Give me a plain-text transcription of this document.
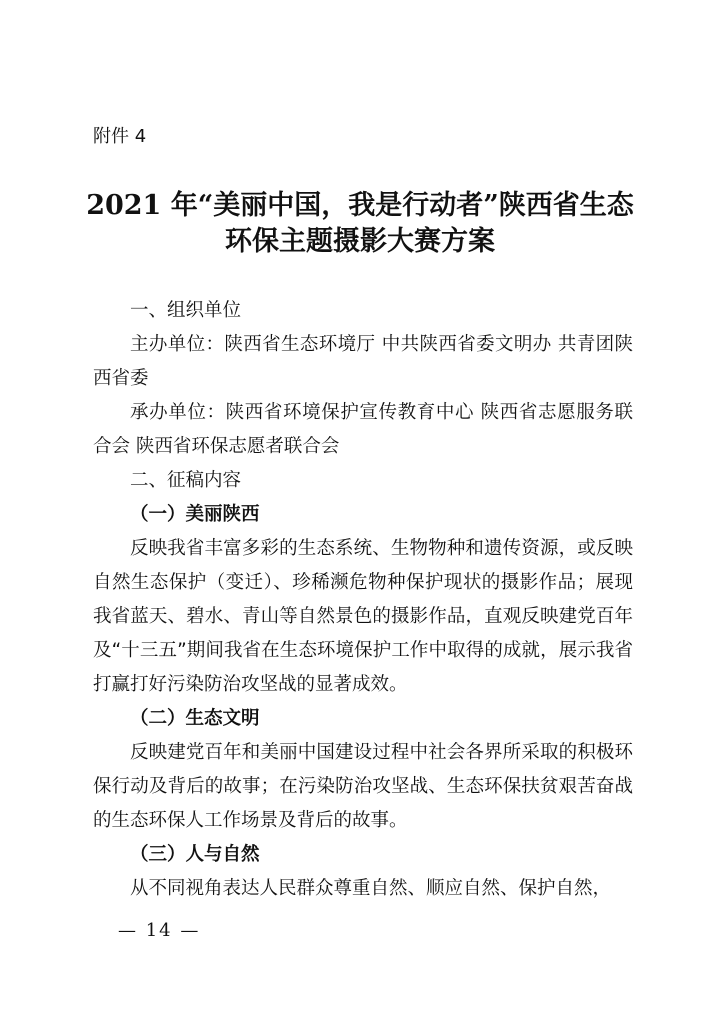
附件 4
2021 年“美丽中国，我是行动者”陕西省生态
环保主题摄影大赛方案

一、组织单位

主办单位：陕西省生态环境厅 中共陕西省委文明办 共青团陕西省委

承办单位：陕西省环境保护宣传教育中心 陕西省志愿服务联合会 陕西省环保志愿者联合会

二、征稿内容

（一）美丽陕西

反映我省丰富多彩的生态系统、生物物种和遗传资源，或反映自然生态保护（变迁）、珍稀濒危物种保护现状的摄影作品；展现我省蓝天、碧水、青山等自然景色的摄影作品，直观反映建党百年及“十三五”期间我省在生态环境保护工作中取得的成就，展示我省打赢打好污染防治攻坚战的显著成效。

（二）生态文明

反映建党百年和美丽中国建设过程中社会各界所采取的积极环保行动及背后的故事；在污染防治攻坚战、生态环保扶贫艰苦奋战的生态环保人工作场景及背后的故事。

（三）人与自然

从不同视角表达人民群众尊重自然、顺应自然、保护自然，

— 14 —
